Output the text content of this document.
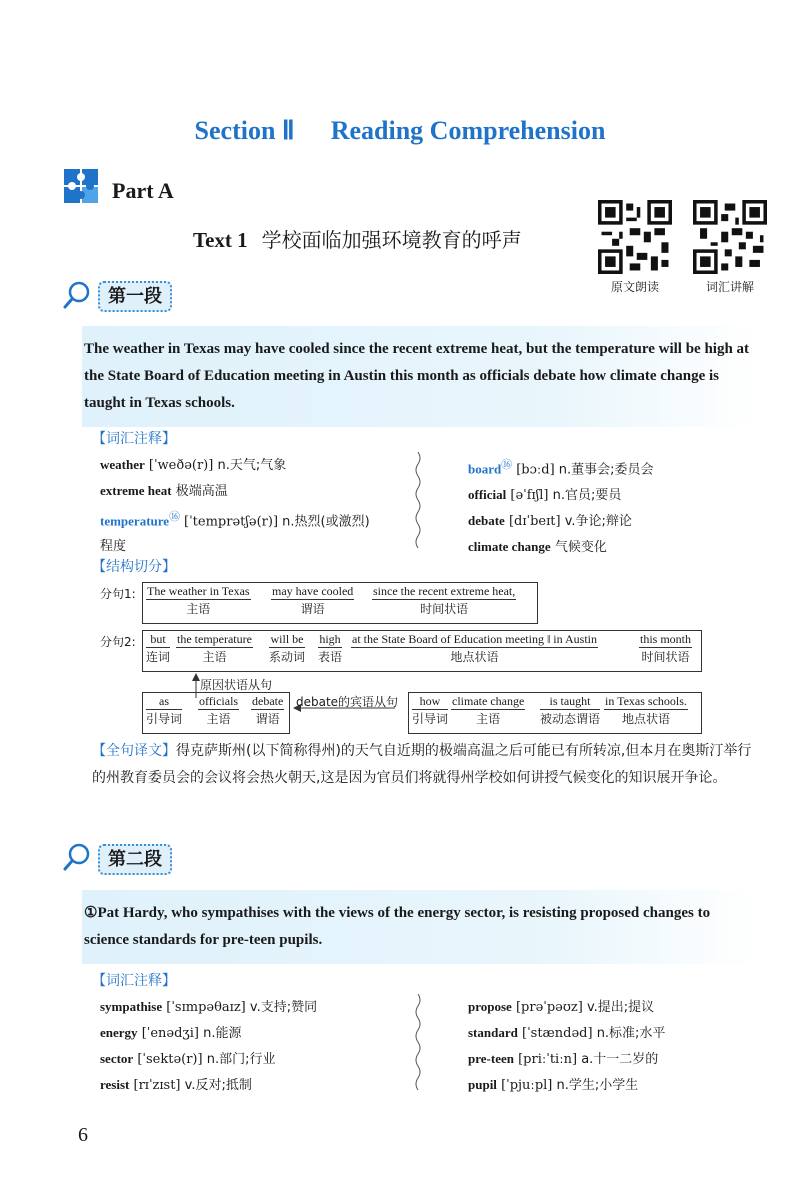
Section Ⅱ Reading Comprehension
Part A
Text 1 学校面临加强环境教育的呼声
原文朗读	词汇讲解
第一段

The weather in Texas may have cooled since the recent extreme heat, but the temperature will be high at the State Board of Education meeting in Austin this month as officials debate how climate change is taught in Texas schools.

【词汇注释】
weather [ˈweðə(r)] n.天气;气象
extreme heat 极端高温
temperature⑯ [ˈtemprətʃə(r)] n.热烈(或激烈)
程度
board⑯ [bɔːd] n.董事会;委员会
official [əˈfɪʃl] n.官员;要员
debate [dɪˈbeɪt] v.争论;辩论
climate change 气候变化
【结构切分】
分句1: The weather in Texas
主语
may have cooled
谓语
since the recent extreme heat,
时间状语
分句2:	but
连词
the temperature
主语
will be
系动词
high
表语
at the State Board of Education meeting ‖ in Austin
地点状语
this month
时间状语
原因状语从句
debate的宾语从句
as
引导词
officials
主语
debate
谓语
how
引导词
climate change
主语
is taught
被动态谓语
in Texas schools.
地点状语
【全句译文】得克萨斯州(以下简称得州)的天气自近期的极端高温之后可能已有所转凉,但本月在奥斯汀举行的州教育委员会的会议将会热火朝天,这是因为官员们将就得州学校如何讲授气候变化的知识展开争论。
第二段

①Pat Hardy, who sympathises with the views of the energy sector, is resisting proposed changes to science standards for pre-teen pupils.

【词汇注释】
sympathise [ˈsɪmpəθaɪz] v.支持;赞同
energy [ˈenədʒi] n.能源
sector [ˈsektə(r)] n.部门;行业
resist [rɪˈzɪst] v.反对;抵制
propose [prəˈpəʊz] v.提出;提议
standard [ˈstændəd] n.标准;水平
pre-teen [priːˈtiːn] a.十一二岁的
pupil [ˈpjuːpl] n.学生;小学生
6
